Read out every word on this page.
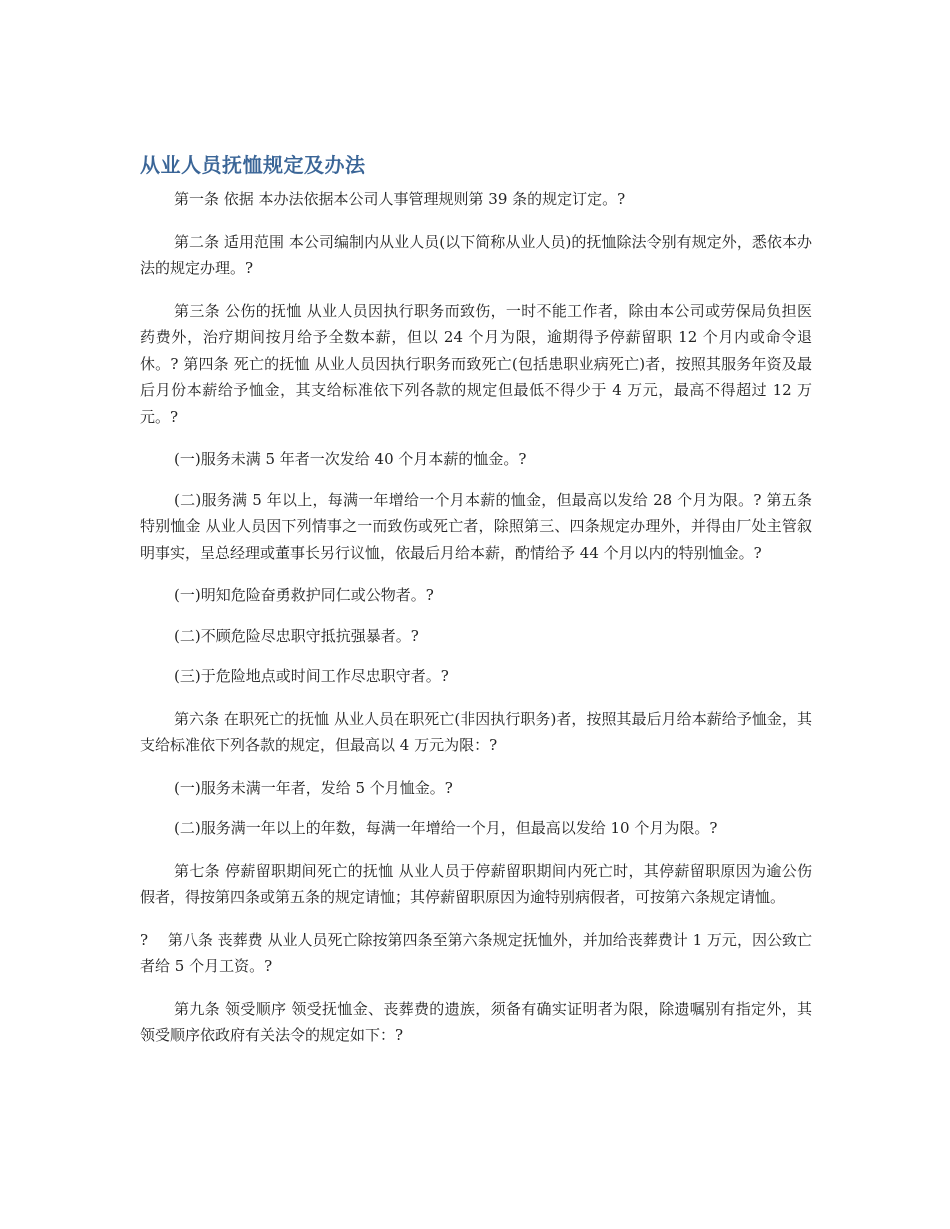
从业人员抚恤规定及办法

第一条 依据 本办法依据本公司人事管理规则第 39 条的规定订定。?

第二条 适用范围 本公司编制内从业人员(以下简称从业人员)的抚恤除法令别有规定外，悉依本办法的规定办理。?

第三条 公伤的抚恤 从业人员因执行职务而致伤，一时不能工作者，除由本公司或劳保局负担医药费外，治疗期间按月给予全数本薪，但以 24 个月为限，逾期得予停薪留职 12 个月内或命令退休。? 第四条 死亡的抚恤 从业人员因执行职务而致死亡(包括患职业病死亡)者，按照其服务年资及最后月份本薪给予恤金，其支给标准依下列各款的规定但最低不得少于 4 万元，最高不得超过 12 万元。?

(一)服务未满 5 年者一次发给 40 个月本薪的恤金。?

(二)服务满 5 年以上，每满一年增给一个月本薪的恤金，但最高以发给 28 个月为限。? 第五条 特别恤金 从业人员因下列情事之一而致伤或死亡者，除照第三、四条规定办理外，并得由厂处主管叙明事实，呈总经理或董事长另行议恤，依最后月给本薪，酌情给予 44 个月以内的特别恤金。?

(一)明知危险奋勇救护同仁或公物者。?

(二)不顾危险尽忠职守抵抗强暴者。?

(三)于危险地点或时间工作尽忠职守者。?

第六条 在职死亡的抚恤 从业人员在职死亡(非因执行职务)者，按照其最后月给本薪给予恤金，其支给标准依下列各款的规定，但最高以 4 万元为限：?

(一)服务未满一年者，发给 5 个月恤金。?

(二)服务满一年以上的年数，每满一年增给一个月，但最高以发给 10 个月为限。?

第七条 停薪留职期间死亡的抚恤 从业人员于停薪留职期间内死亡时，其停薪留职原因为逾公伤假者，得按第四条或第五条的规定请恤；其停薪留职原因为逾特别病假者，可按第六条规定请恤。

?  第八条 丧葬费 从业人员死亡除按第四条至第六条规定抚恤外，并加给丧葬费计 1 万元，因公致亡者给 5 个月工资。?

第九条 领受顺序 领受抚恤金、丧葬费的遗族，须备有确实证明者为限，除遗嘱别有指定外，其领受顺序依政府有关法令的规定如下：?
